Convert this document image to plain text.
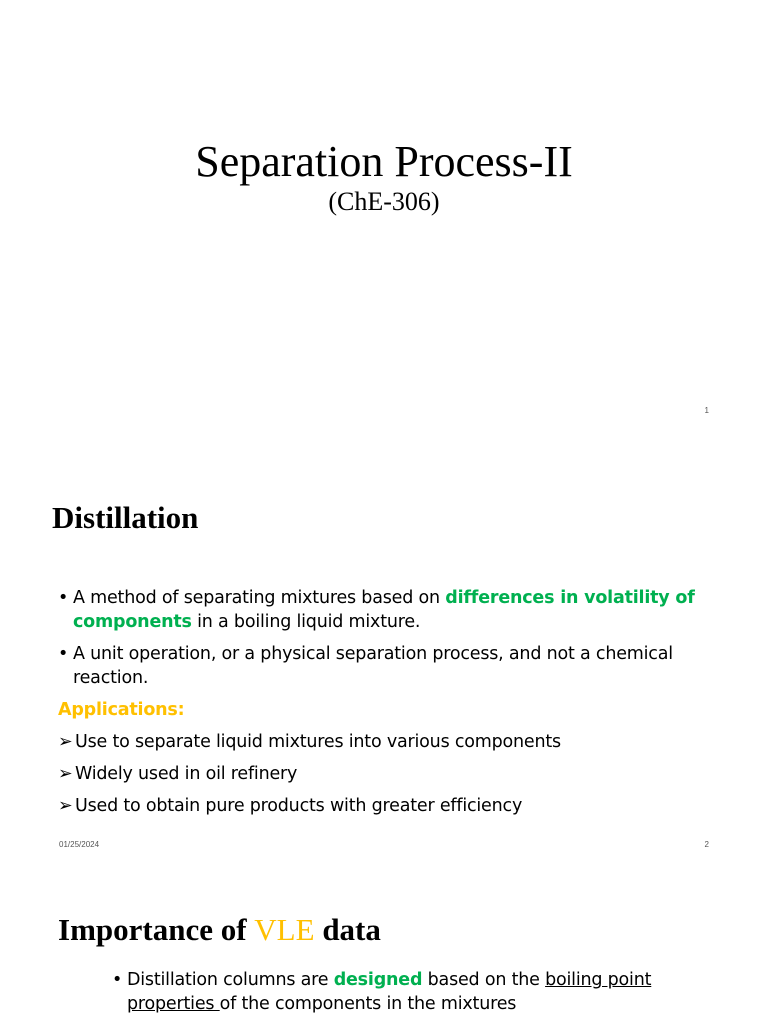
Separation Process-II
(ChE-306)
1
Distillation
• A method of separating mixtures based on differences in volatility of components in a boiling liquid mixture.
• A unit operation, or a physical separation process, and not a chemical reaction.
Applications:
➢ Use to separate liquid mixtures into various components
➢ Widely used in oil refinery
➢ Used to obtain pure products with greater efficiency
01/25/2024	2
Importance of VLE data
• Distillation columns are designed based on the boiling point properties of the components in the mixtures
